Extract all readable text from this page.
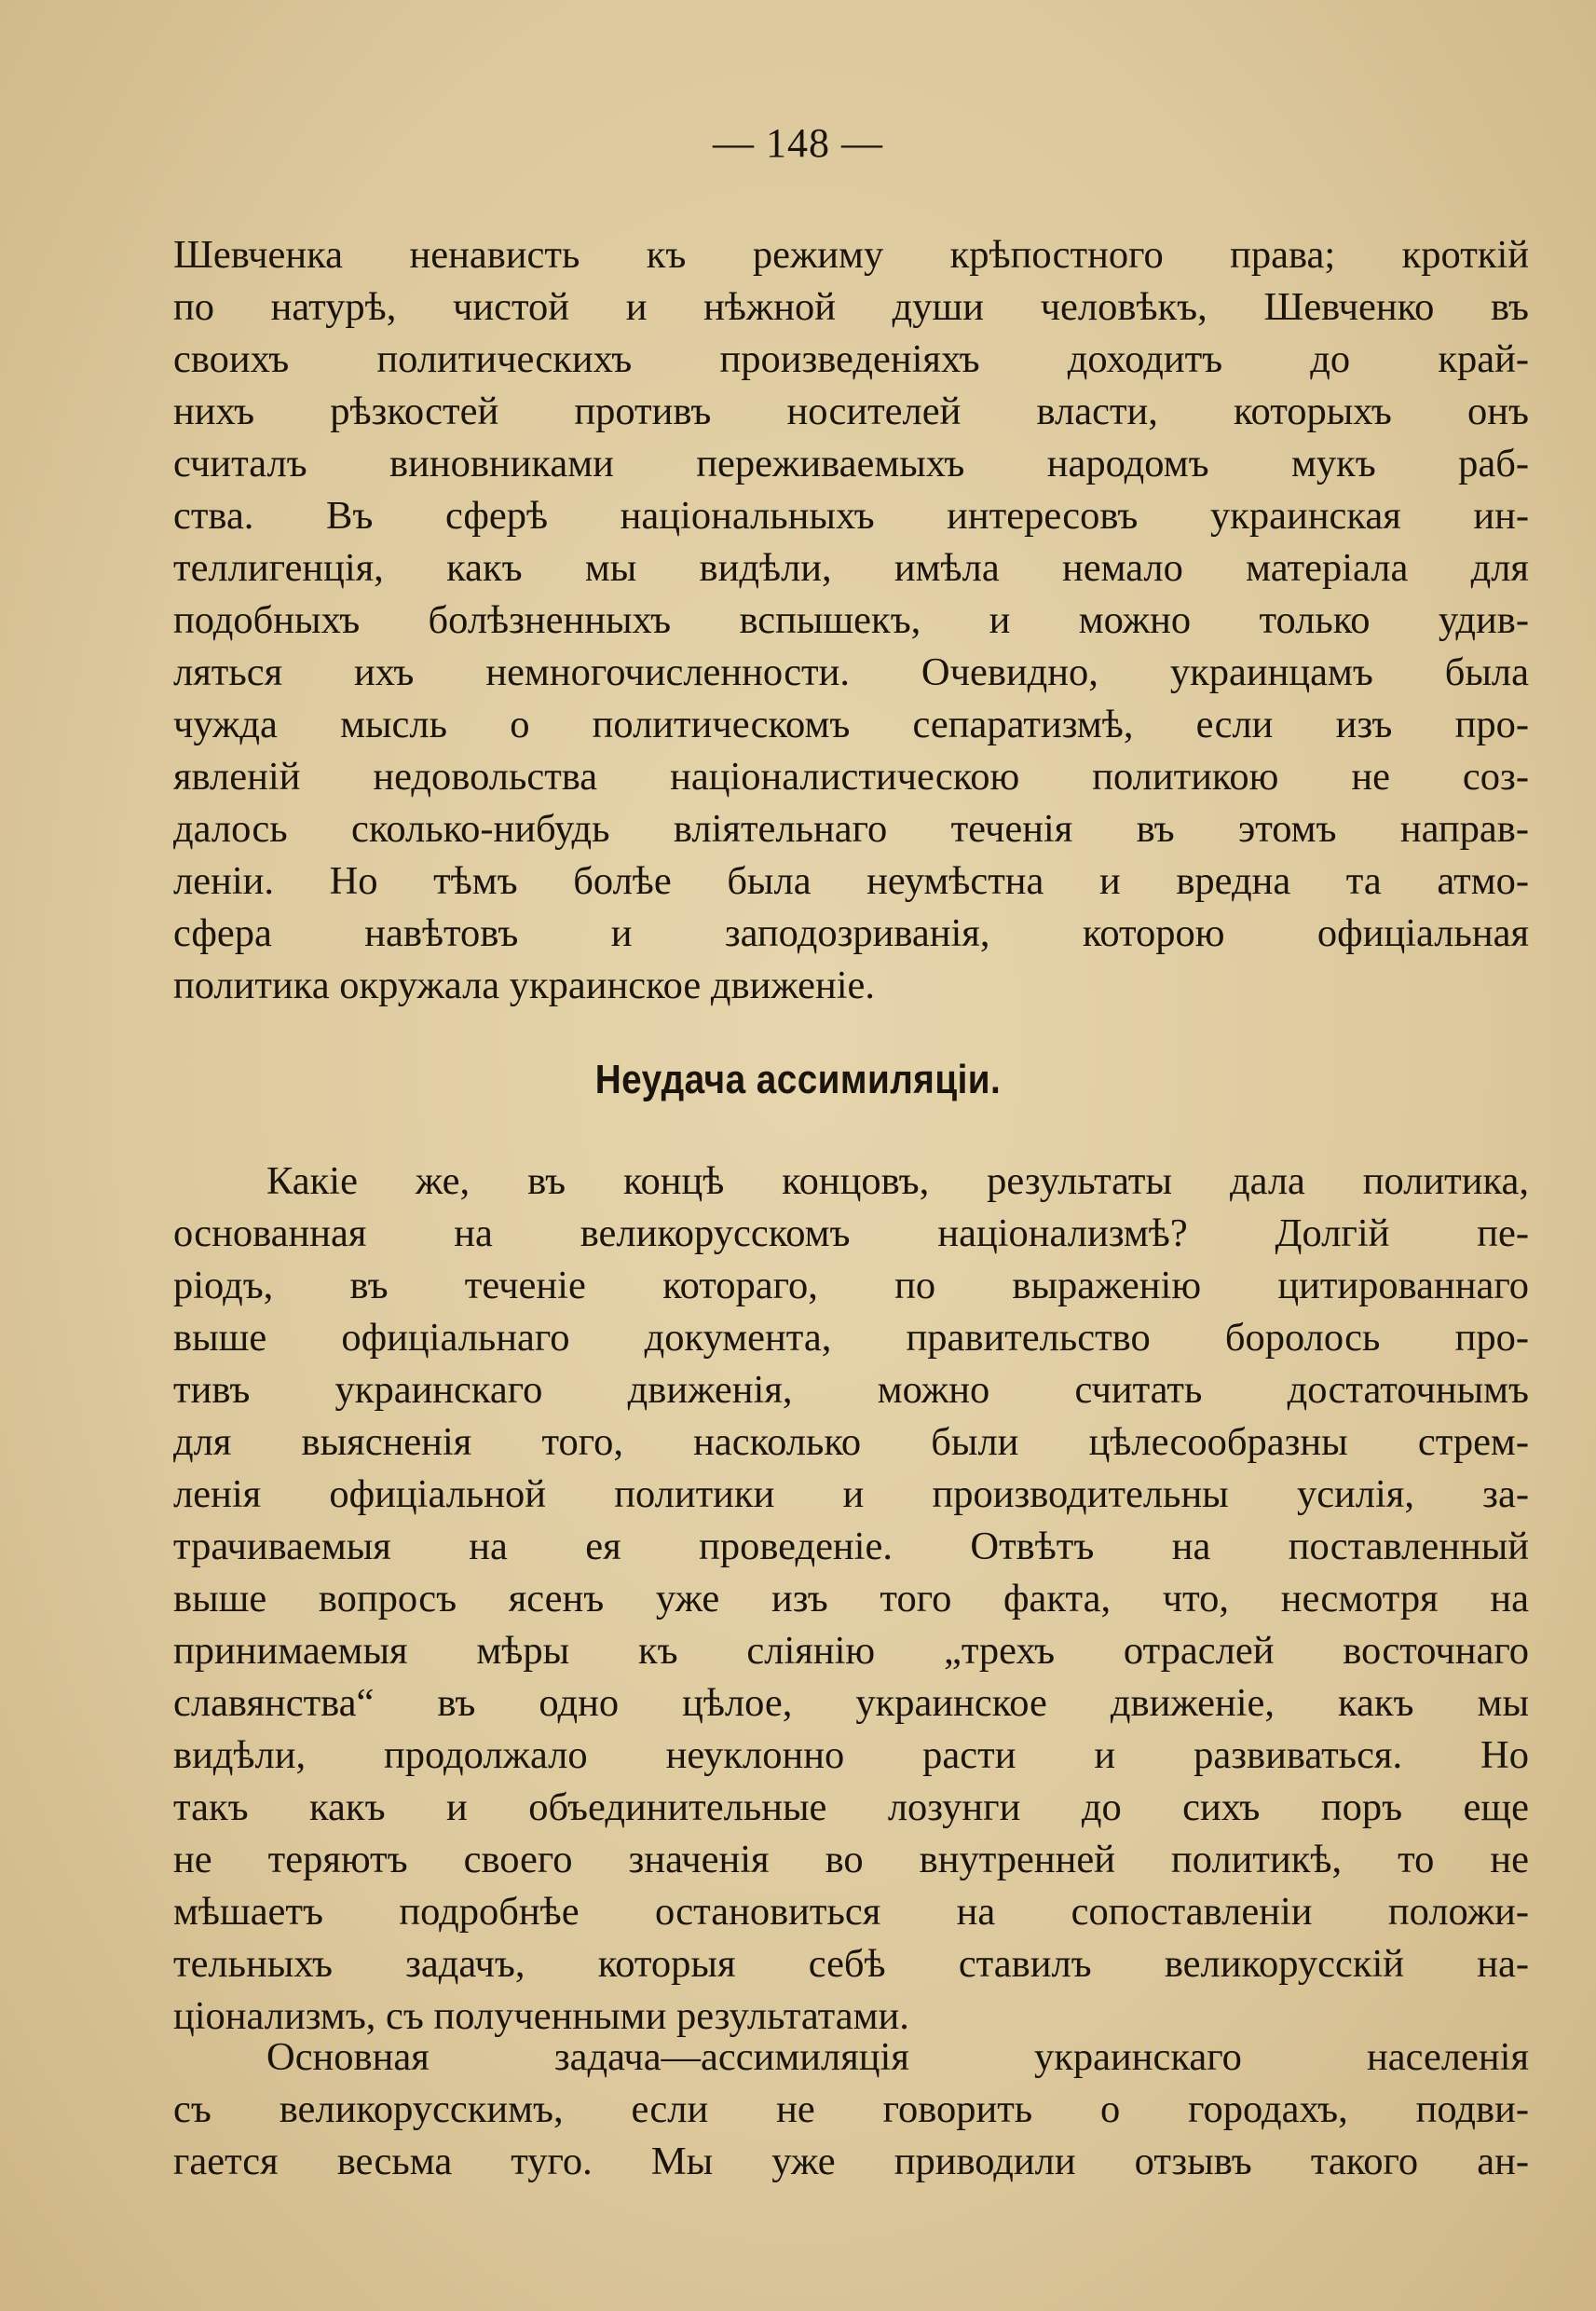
— 148 —
Шевченка ненависть къ режиму крѣпостного права; кроткій
по натурѣ, чистой и нѣжной души человѣкъ, Шевченко въ
своихъ политическихъ произведеніяхъ доходитъ до край-
нихъ рѣзкостей противъ носителей власти, которыхъ онъ
считалъ виновниками переживаемыхъ народомъ мукъ раб-
ства. Въ сферѣ національныхъ интересовъ украинская ин-
теллигенція, какъ мы видѣли, имѣла немало матеріала для
подобныхъ болѣзненныхъ вспышекъ, и можно только удив-
ляться ихъ немногочисленности. Очевидно, украинцамъ была
чужда мысль о политическомъ сепаратизмѣ, если изъ про-
явленій недовольства націоналистическою политикою не соз-
далось сколько-нибудь вліятельнаго теченія въ этомъ направ-
леніи. Но тѣмъ болѣе была неумѣстна и вредна та атмо-
сфера навѣтовъ и заподозриванія, которою офиціальная
политика окружала украинское движеніе.
Неудача ассимиляціи.
Какіе же, въ концѣ концовъ, результаты дала политика,
основанная на великорусскомъ націонализмѣ? Долгій пе-
ріодъ, въ теченіе котораго, по выраженію цитированнаго
выше офиціальнаго документа, правительство боролось про-
тивъ украинскаго движенія, можно считать достаточнымъ
для выясненія того, насколько были цѣлесообразны стрем-
ленія офиціальной политики и производительны усилія, за-
трачиваемыя на ея проведеніе. Отвѣтъ на поставленный
выше вопросъ ясенъ уже изъ того факта, что, несмотря на
принимаемыя мѣры къ слiянію „трехъ отраслей восточнаго
славянства“ въ одно цѣлое, украинское движеніе, какъ мы
видѣли, продолжало неуклонно расти и развиваться. Но
такъ какъ и объединительные лозунги до сихъ поръ еще
не теряютъ своего значенія во внутренней политикѣ, то не
мѣшаетъ подробнѣе остановиться на сопоставленіи положи-
тельныхъ задачъ, которыя себѣ ставилъ великорусскій на-
ціонализмъ, съ полученными результатами.
Основная задача—ассимиляція украинскаго населенія
съ великорусскимъ, если не говорить о городахъ, подви-
гается весьма туго. Мы уже приводили отзывъ такого ан-
